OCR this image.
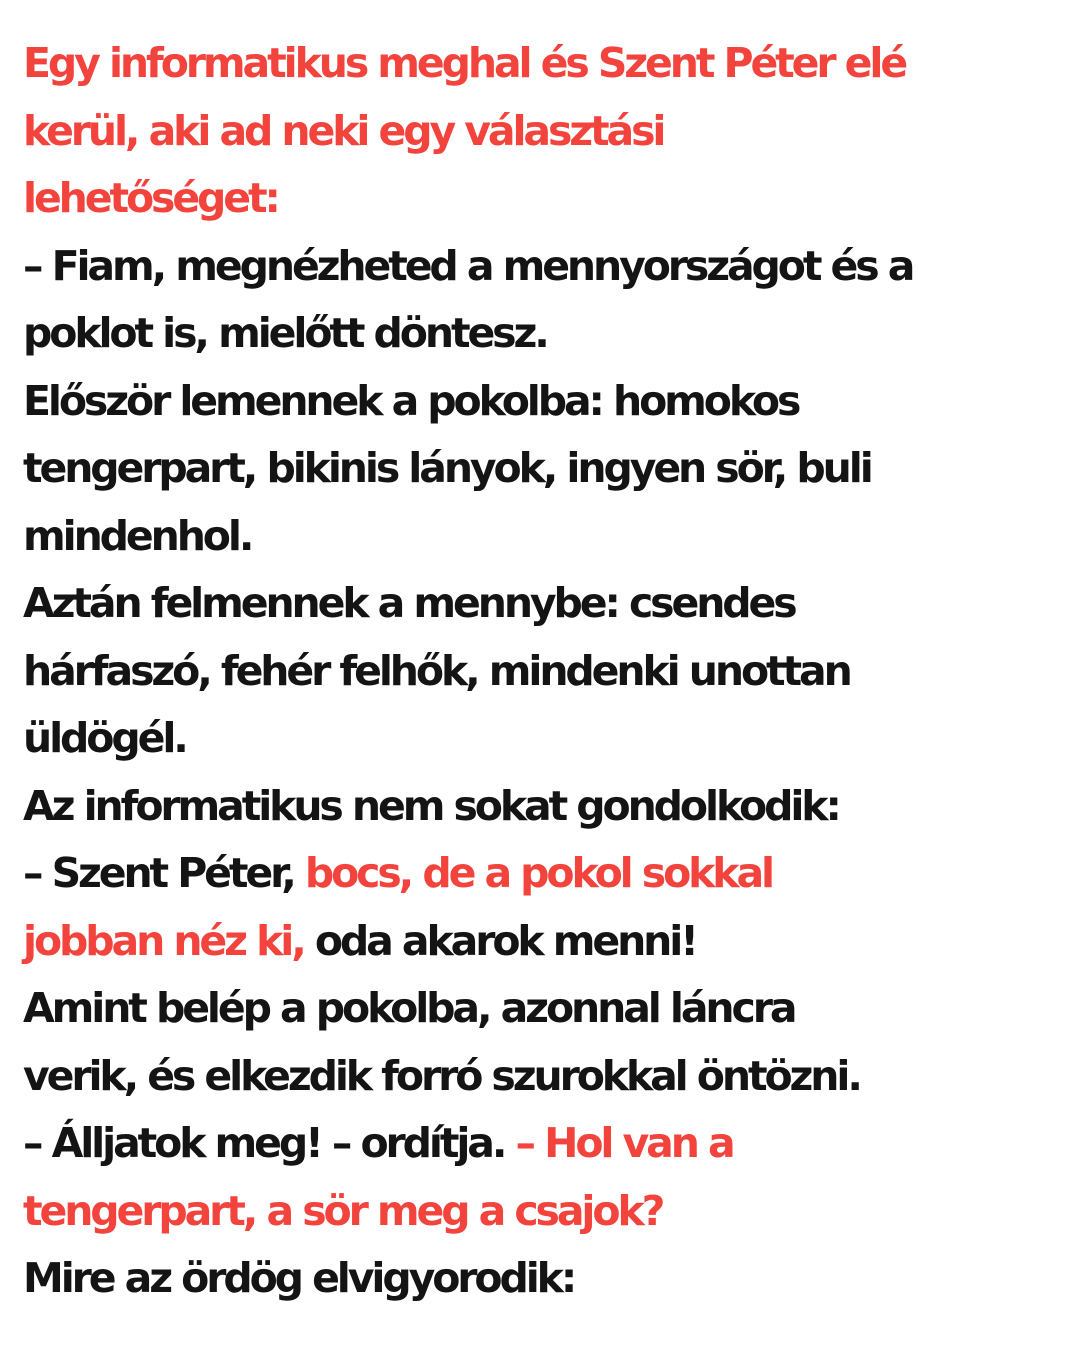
Egy informatikus meghal és Szent Péter elé
kerül, aki ad neki egy választási
lehetőséget:
– Fiam, megnézheted a mennyországot és a
poklot is, mielőtt döntesz.
Először lemennek a pokolba: homokos
tengerpart, bikinis lányok, ingyen sör, buli
mindenhol.
Aztán felmennek a mennybe: csendes
hárfaszó, fehér felhők, mindenki unottan
üldögél.
Az informatikus nem sokat gondolkodik:
– Szent Péter, bocs, de a pokol sokkal
jobban néz ki, oda akarok menni!
Amint belép a pokolba, azonnal láncra
verik, és elkezdik forró szurokkal öntözni.
– Álljatok meg! – ordítja. – Hol van a
tengerpart, a sör meg a csajok?
Mire az ördög elvigyorodik:
